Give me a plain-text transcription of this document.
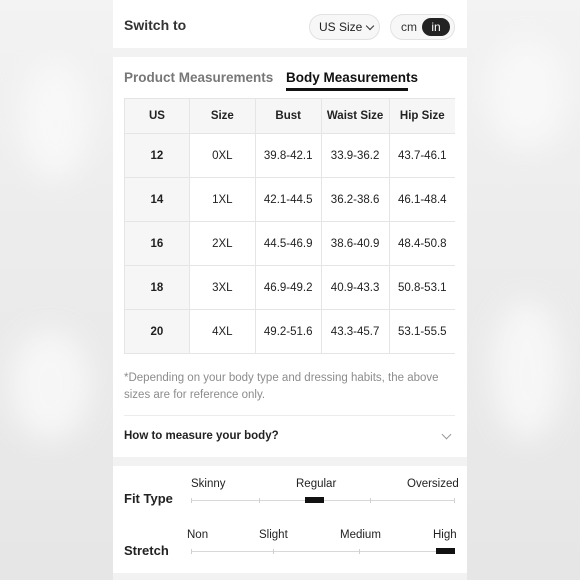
Switch to	US Size	cm	in
Product Measurements Body Measurements
US	Size	Bust	Waist Size	Hip Size
12	0XL	39.8-42.1	33.9-36.2	43.7-46.1
14	1XL	42.1-44.5	36.2-38.6	46.1-48.4
16	2XL	44.5-46.9	38.6-40.9	48.4-50.8
18	3XL	46.9-49.2	40.9-43.3	50.8-53.1
20	4XL	49.2-51.6	43.3-45.7	53.1-55.5

*Depending on your body type and dressing habits, the above sizes are for reference only.

How to measure your body?
Fit Type
Skinny	Regular	Oversized
Stretch
Non	Slight	Medium	High
